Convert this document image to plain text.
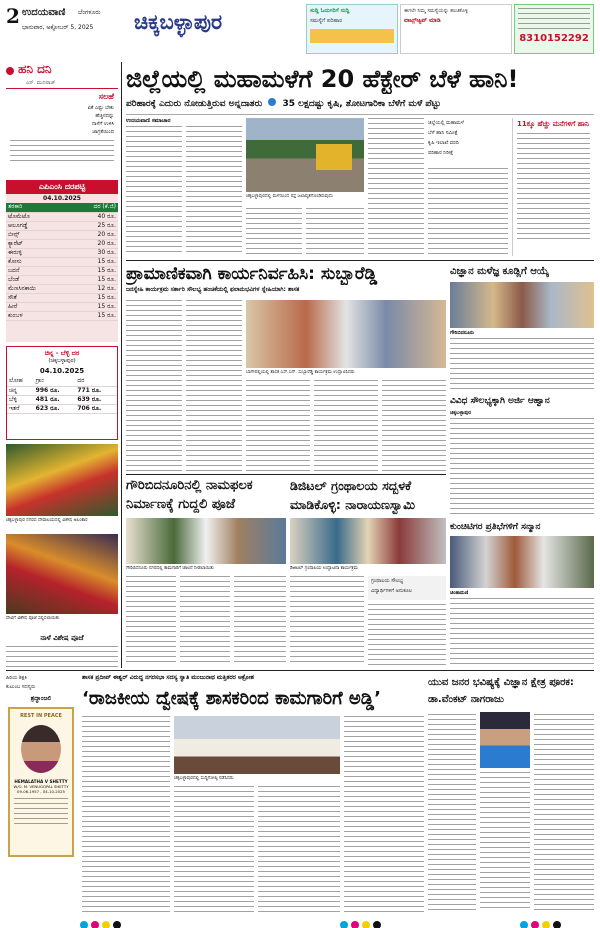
2 ಉದಯವಾಣಿ ಬೆಂಗಳೂರು
ಭಾನುವಾರ, ಅಕ್ಟೋಬರ್ 5, 2025 ಚಿಕ್ಕಬಳ್ಳಾಪುರ	ಸುದ್ದಿ ಓದುಗರಿಗೆ ಸುದ್ದಿ
ಸಮಸ್ಯೆಗೆ ಪರಿಹಾರ
ಈಗಲೇ ನಿಮ್ಮ ಸಮಸ್ಯೆಯನ್ನು ಹಂಚಿಕೊಳ್ಳಿ
ವಾಟ್ಸ್‌ಆ್ಯಪ್ ಮಾಡಿ
8310152292
ಹನಿ ದನಿ
ಎನ್. ಮುನಿರಾಜ್
ಸಲಹೆ
ಏಕೆ ಎಷ್ಟು ಬೇಕು
ಹೆಚ್ಚಿನದನ್ನು
ನಾಳೆಗೆ ಉಳಿಸಿ
ಜಾಗ್ರತೆಯಿಂದ
ಎಪಿಎಂಸಿ ದರಪಟ್ಟಿ
04.10.2025
ತರಕಾರಿ	ದರ (ಕೆ.ಜಿ)
ಟೊಮೆಟೊ	40 ರೂ.
ಆಲೂಗಡ್ಡೆ	25 ರೂ.
ಬೀನ್ಸ್	20 ರೂ.
ಕ್ಯಾರೆಟ್	20 ರೂ.
ಈರುಳ್ಳಿ	30 ರೂ.
ಕೋಸು	15 ರೂ.
ಬದನೆ	15 ರೂ.
ಬೆಂಡೆ	15 ರೂ.
ಮೆಣಸಿನಕಾಯಿ	12 ರೂ.
ಸೌತೆ	15 ರೂ.
ಹೀರೆ	15 ರೂ.
ಕುಂಬಳ	15 ರೂ.
ಚಿನ್ನ - ಬೆಳ್ಳಿ ದರ
(ಚಿಕ್ಕಬಳ್ಳಾಪುರ)
04.10.2025
ಲೋಹ	ಗ್ರಾಂ	ದರ
ಚಿನ್ನ	996 ರೂ.	771 ರೂ.
ಬೆಳ್ಳಿ	481 ರೂ.	639 ರೂ.
ಇತರೆ	623 ರೂ.	706 ರೂ.
ಚಿಕ್ಕಬಳ್ಳಾಪುರ ನಗರದ ದೇವಾಲಯದಲ್ಲಿ ವಿಶೇಷ ಅಲಂಕಾರ
ದೇವಿಗೆ ವಿಶೇಷ ಪೂಜೆ ಸಲ್ಲಿಸಲಾಯಿತು
ನಾಳೆ ವಿಶೇಷ ಪೂಜೆ
ಜಿಲ್ಲೆಯಲ್ಲಿ ಮಹಾಮಳೆಗೆ 20 ಹೆಕ್ಟೇರ್ ಬೆಳೆ ಹಾನಿ!
ಪರಿಹಾರಕ್ಕೆ ಎದುರು ನೋಡುತ್ತಿರುವ ಅನ್ನದಾತರು 35 ಲಕ್ಷದಷ್ಟು ಕೃಷಿ, ತೋಟಗಾರಿಕಾ ಬೆಳೆಗೆ ಮಳೆ ಪೆಟ್ಟು
ಉದಯವಾಣಿ ಸಮಾಚಾರ
ಚಿಕ್ಕಬಳ್ಳಾಪುರದಲ್ಲಿ ಮಳೆಯಿಂದ ರಸ್ತೆ ಜಲಾವೃತಗೊಂಡಿರುವುದು
ಜಿಲ್ಲೆಯಲ್ಲಿ ಮಹಾಮಳೆ
ಬೆಳೆ ಹಾನಿ ಸಮೀಕ್ಷೆ
ಕೃಷಿ ಇಲಾಖೆ ವರದಿ
ಪರಿಹಾರ ನಿರೀಕ್ಷೆ
11ಕ್ಕೂ ಹೆಚ್ಚು ಮನೆಗಳಿಗೆ ಹಾನಿ
ಪ್ರಾಮಾಣಿಕವಾಗಿ ಕಾರ್ಯನಿರ್ವಹಿಸಿ: ಸುಬ್ಬಾರೆಡ್ಡಿ
ಜನಸ್ನೇಹಿ ಕಾರ್ಯಕ್ರಮ ಸರ್ಕಾರಿ ಸೌಲಭ್ಯ ಹಂಚಿಕೆಯಲ್ಲಿ ಫಲಾನುಭವಿಗಳ ಸ್ನೇಹಿಯಾಗಿ: ಶಾಸಕ
ಬಾಗೇಪಲ್ಲಿಯಲ್ಲಿ ಶಾಸಕ ಎಸ್.ಎನ್. ಸುಬ್ಬಾರೆಡ್ಡಿ ಕಾರ್ಯಕ್ರಮ ಉದ್ಘಾಟಿಸಿದರು
ವಿಜ್ಞಾನ ಮಳೆಜ್ಞ ಕೂಡ್ಲಿಗೆ ಆಯ್ಕೆ
ಗೌರಿಬಿದನೂರು
ವಿವಿಧ ಸೌಲಭ್ಯಕ್ಕಾಗಿ ಅರ್ಜಿ ಆಹ್ವಾನ
ಚಿಕ್ಕಬಳ್ಳಾಪುರ
ಕುಂಚಿಟಿಗರ ಪ್ರತಿಭೆಗಳಿಗೆ ಸನ್ಮಾನ
ಚಿಂತಾಮಣಿ
ಗೌರಿಬಿದನೂರಿನಲ್ಲಿ ನಾಮಫಲಕ ನಿರ್ಮಾಣಕ್ಕೆ ಗುದ್ದಲಿ ಪೂಜೆ
ಗೌರಿಬಿದನೂರು ನಗರದಲ್ಲಿ ಕಾಮಗಾರಿಗೆ ಚಾಲನೆ ನೀಡಲಾಯಿತು
ಡಿಜಿಟಲ್ ಗ್ರಂಥಾಲಯ ಸದ್ಬಳಕೆ ಮಾಡಿಕೊಳ್ಳಿ: ನಾರಾಯಣಸ್ವಾಮಿ
ಡಿಜಿಟಲ್ ಗ್ರಂಥಾಲಯ ಉದ್ಘಾಟನಾ ಕಾರ್ಯಕ್ರಮ
ಗ್ರಂಥಾಲಯ ಸೌಲಭ್ಯ
ವಿದ್ಯಾರ್ಥಿಗಳಿಗೆ ಅನುಕೂಲ
ಹಿರಿಯ ಶಿಕ್ಷಕಿ
ಕುಟುಂಬ ಸದಸ್ಯರು
ಶ್ರದ್ಧಾಂಜಲಿ
REST IN PEACE
HEMALATHA V SHETTY
W/O. M. VENUGOPAL SHETTY
09-06-1957 - 04-10-2025
ಶಾಸಕ ಪ್ರದೀಪ್ ಈಶ್ವರ್ ವಿರುದ್ಧ ನಗರಸಭಾ ಸದಸ್ಯ ಸ್ವಾತಿ ಮಂಜುನಾಥ ಮತ್ತಿತರರ ಆಕ್ರೋಶ
‘ರಾಜಕೀಯ ದ್ವೇಷಕ್ಕೆ ಶಾಸಕರಿಂದ ಕಾಮಗಾರಿಗೆ ಅಡ್ಡಿ’
ಚಿಕ್ಕಬಳ್ಳಾಪುರದಲ್ಲಿ ಸುದ್ದಿಗೋಷ್ಠಿ ನಡೆಸಿದರು
ಯುವ ಜನರ ಭವಿಷ್ಯಕ್ಕೆ ವಿಜ್ಞಾನ ಕ್ಷೇತ್ರ ಪೂರಕ: ಡಾ.ವೆಂಕಟ್ ನಾಗರಾಜು
